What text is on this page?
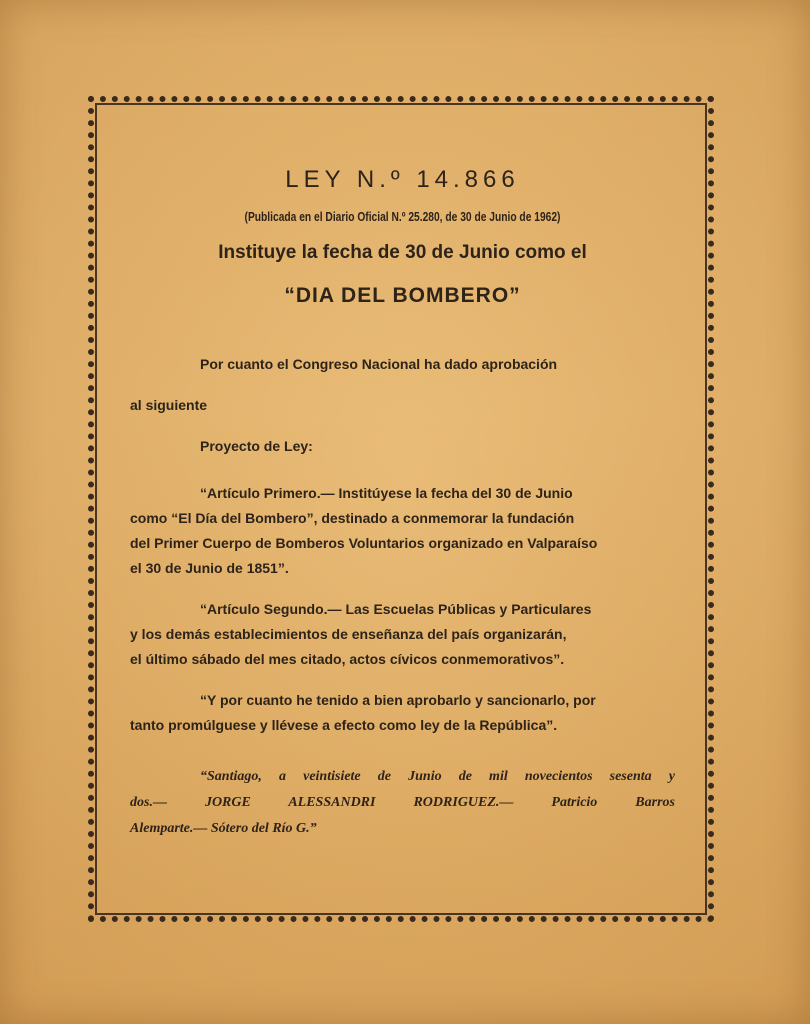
LEY N.º 14.866
(Publicada en el Diario Oficial N.º 25.280, de 30 de Junio de 1962)
Instituye la fecha de 30 de Junio como el
“DIA DEL BOMBERO”

Por cuanto el Congreso Nacional ha dado aprobación

al siguiente

Proyecto de Ley:

“Artículo Primero.— Institúyese la fecha del 30 de Junio

como “El Día del Bombero”, destinado a conmemorar la fundación

del Primer Cuerpo de Bomberos Voluntarios organizado en Valparaíso

el 30 de Junio de 1851”.

“Artículo Segundo.— Las Escuelas Públicas y Particulares

y los demás establecimientos de enseñanza del país organizarán,

el último sábado del mes citado, actos cívicos conmemorativos”.

“Y por cuanto he tenido a bien aprobarlo y sancionarlo, por

tanto promúlguese y llévese a efecto como ley de la República”.

“Santiago, a veintisiete de Junio de mil novecientos sesenta y

dos.— JORGE ALESSANDRI RODRIGUEZ.— Patricio Barros

Alemparte.— Sótero del Río G.”
